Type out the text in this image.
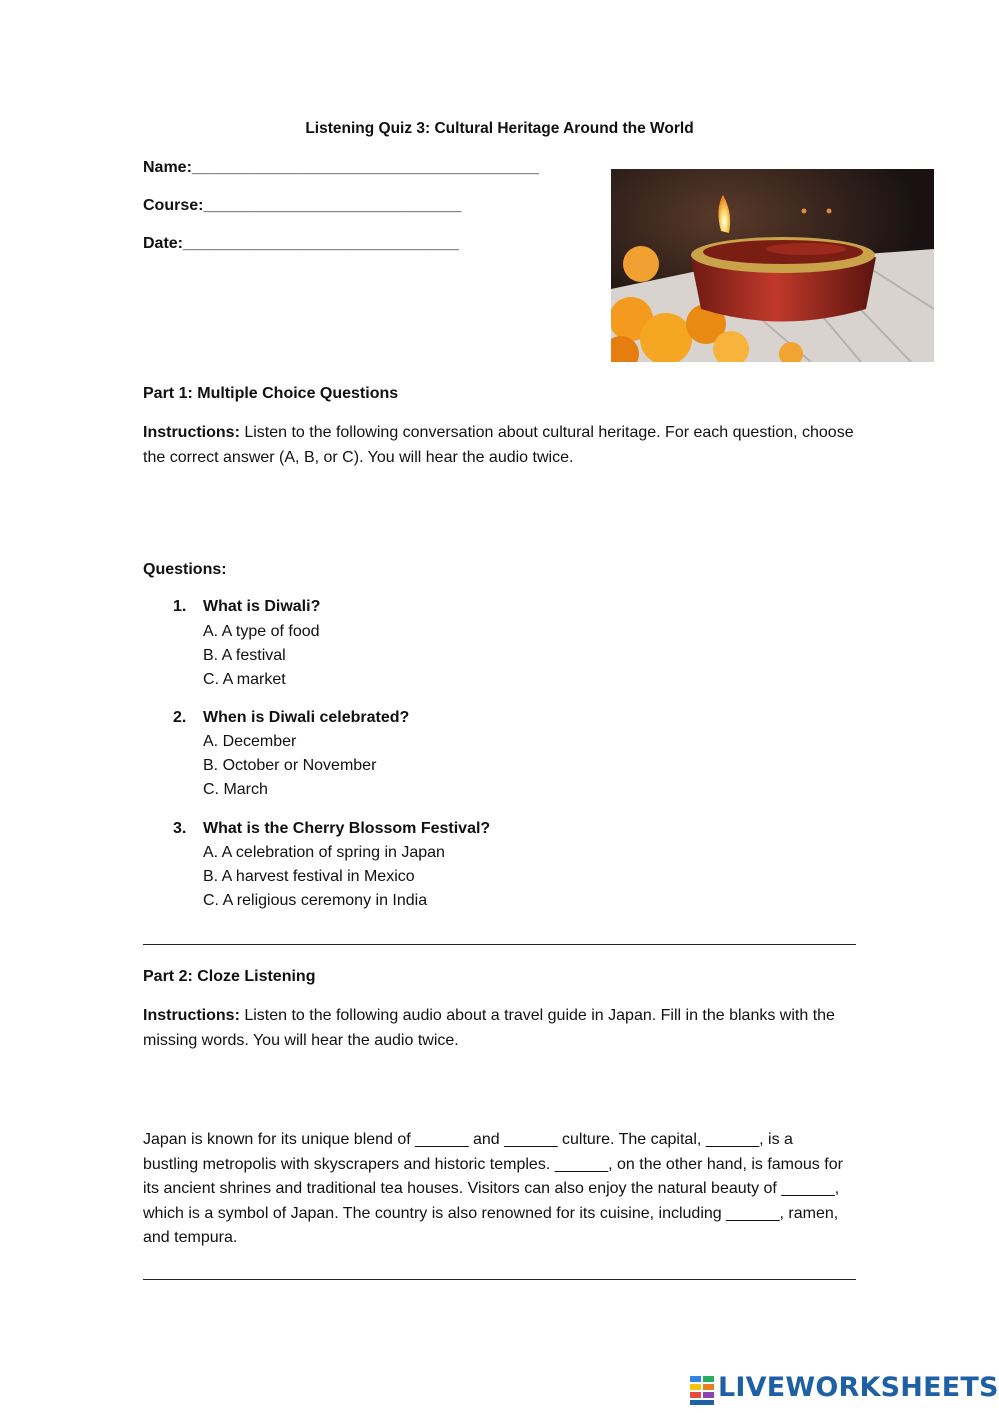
Listening Quiz 3: Cultural Heritage Around the World
Name:_______________________________________
Course:_____________________________
Date:_______________________________
Part 1: Multiple Choice Questions
Instructions: Listen to the following conversation about cultural heritage. For each question, choose the correct answer (A, B, or C). You will hear the audio twice.
Questions:
1. What is Diwali?
A. A type of food
B. A festival
C. A market
2. When is Diwali celebrated?
A. December
B. October or November
C. March
3. What is the Cherry Blossom Festival?
A. A celebration of spring in Japan
B. A harvest festival in Mexico
C. A religious ceremony in India
Part 2: Cloze Listening
Instructions: Listen to the following audio about a travel guide in Japan. Fill in the blanks with the missing words. You will hear the audio twice.
Japan is known for its unique blend of ______ and ______ culture. The capital, ______, is a bustling metropolis with skyscrapers and historic temples. ______, on the other hand, is famous for its ancient shrines and traditional tea houses. Visitors can also enjoy the natural beauty of ______, which is a symbol of Japan. The country is also renowned for its cuisine, including ______, ramen, and tempura.
LIVEWORKSHEETS
